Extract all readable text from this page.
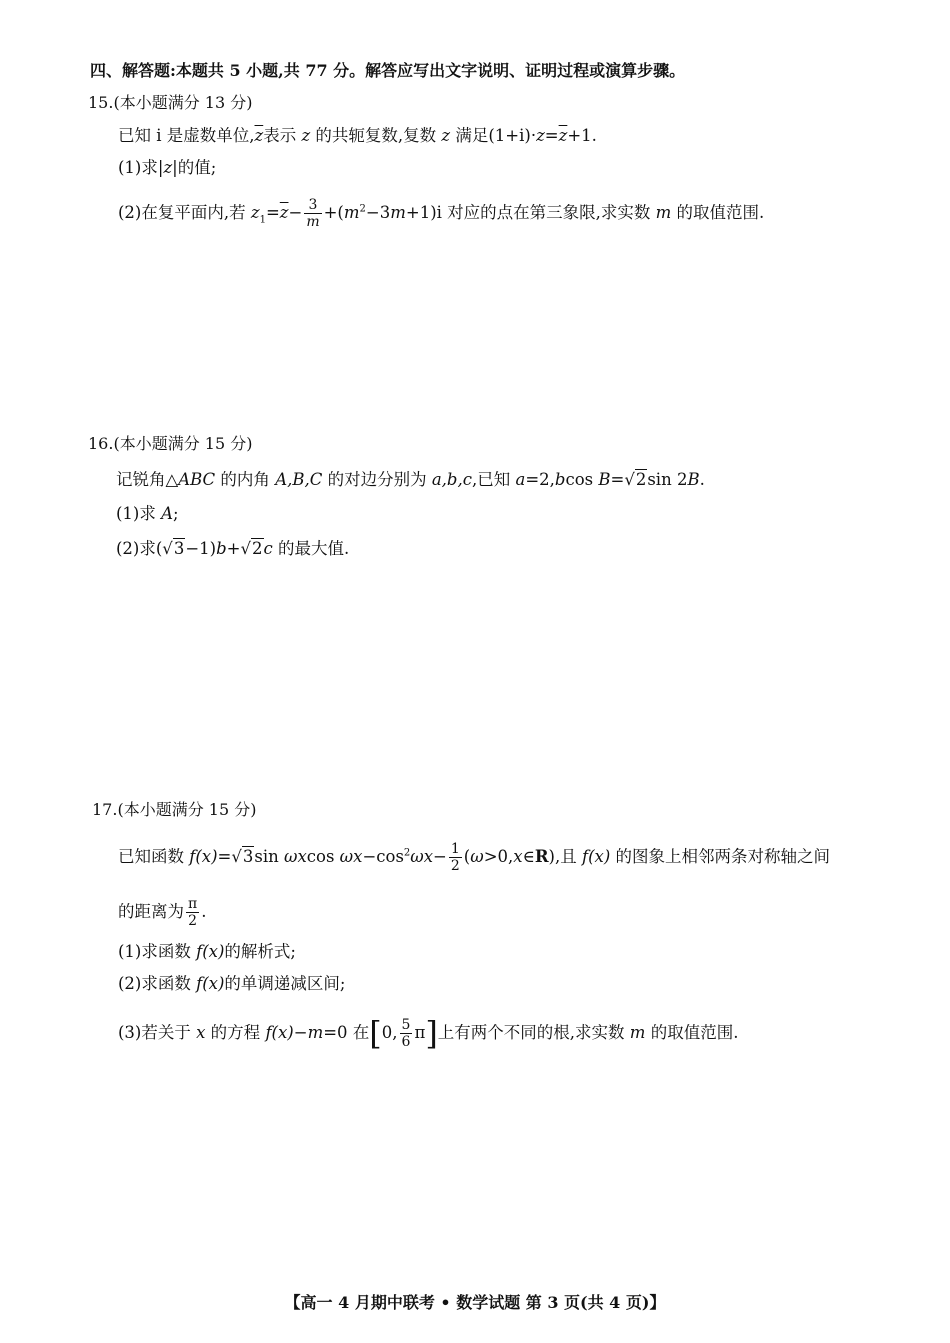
四、解答题:本题共 5 小题,共 77 分。解答应写出文字说明、证明过程或演算步骤。
15.(本小题满分 13 分)
已知 i 是虚数单位$,\overline{z}$表示 z 的共轭复数,复数 z 满足$(1+i)\cdot z=\overline{z}+1$.
(1)求|z|的值;
(2)在复平面内,若 $z_1=\overline{z}- \frac{3}{m} +(m^2-3m+1)i$ 对应的点在第三象限,求实数 m 的取值范围.
16.(本小题满分 15 分)
记锐角△ABC 的内角 A,B,C 的对边分别为 a,b,c,已知 a=2,bcos B=√2sin 2B.
(1)求 A;
(2)求(√3−1)b+√2c 的最大值.
17.(本小题满分 15 分)
已知函数 f(x)=√3sin ωxcos $\omega x-\cos^2\omega x- \frac{1}{2}$ (ω>0,x∈R),且 f(x) 的图象上相邻两条对称轴之间
的距离为 $\frac{\pi}{2}$ .
(1)求函数 f(x)的解析式;
(2)求函数 f(x)的单调递减区间;
(3)若关于 x 的方程 f(x)−m=0 在[0, $\frac{5}{6} \pi$]上有两个不同的根,求实数 m 的取值范围.
【高一 4 月期中联考 • 数学试题 第 3 页(共 4 页)】
